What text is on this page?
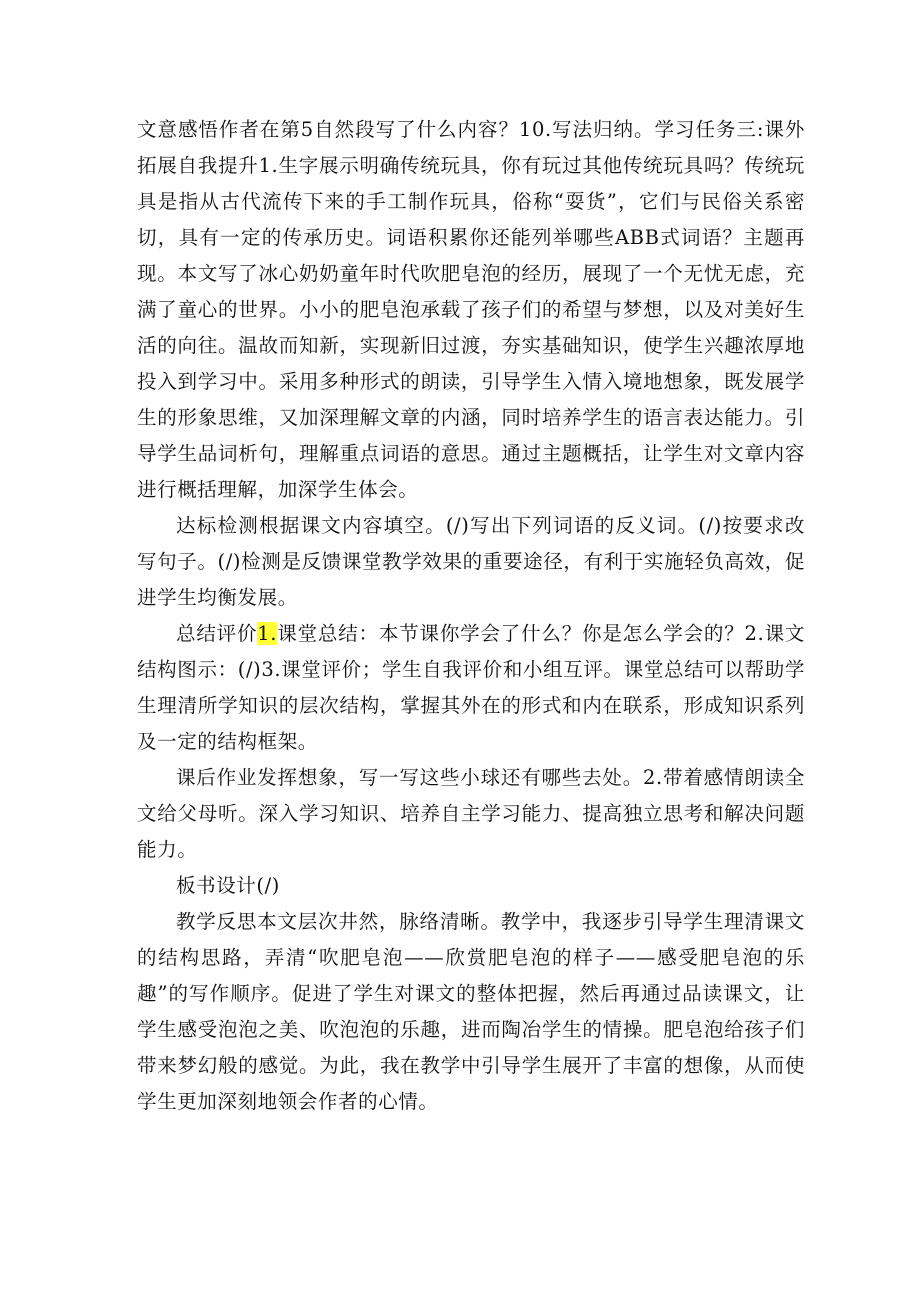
文意感悟作者在第5自然段写了什么内容？10.写法归纳。学习任务三:课外拓展自我提升1.生字展示明确传统玩具，你有玩过其他传统玩具吗？传统玩具是指从古代流传下来的手工制作玩具，俗称“耍货”，它们与民俗关系密切，具有一定的传承历史。词语积累你还能列举哪些ABB式词语？主题再现。本文写了冰心奶奶童年时代吹肥皂泡的经历，展现了一个无忧无虑，充满了童心的世界。小小的肥皂泡承载了孩子们的希望与梦想，以及对美好生活的向往。温故而知新，实现新旧过渡，夯实基础知识，使学生兴趣浓厚地投入到学习中。采用多种形式的朗读，引导学生入情入境地想象，既发展学生的形象思维，又加深理解文章的内涵，同时培养学生的语言表达能力。引导学生品词析句，理解重点词语的意思。通过主题概括，让学生对文章内容进行概括理解，加深学生体会。

达标检测根据课文内容填空。(/)写出下列词语的反义词。(/)按要求改写句子。(/)检测是反馈课堂教学效果的重要途径，有利于实施轻负高效，促进学生均衡发展。

总结评价1.课堂总结：本节课你学会了什么？你是怎么学会的？2.课文结构图示：(/)3.课堂评价；学生自我评价和小组互评。课堂总结可以帮助学生理清所学知识的层次结构，掌握其外在的形式和内在联系，形成知识系列及一定的结构框架。

课后作业发挥想象，写一写这些小球还有哪些去处。2.带着感情朗读全文给父母听。深入学习知识、培养自主学习能力、提高独立思考和解决问题能力。

板书设计(/)

教学反思本文层次井然，脉络清晰。教学中，我逐步引导学生理清课文的结构思路，弄清“吹肥皂泡——欣赏肥皂泡的样子——感受肥皂泡的乐趣”的写作顺序。促进了学生对课文的整体把握，然后再通过品读课文，让学生感受泡泡之美、吹泡泡的乐趣，进而陶冶学生的情操。肥皂泡给孩子们带来梦幻般的感觉。为此，我在教学中引导学生展开了丰富的想像，从而使学生更加深刻地领会作者的心情。
